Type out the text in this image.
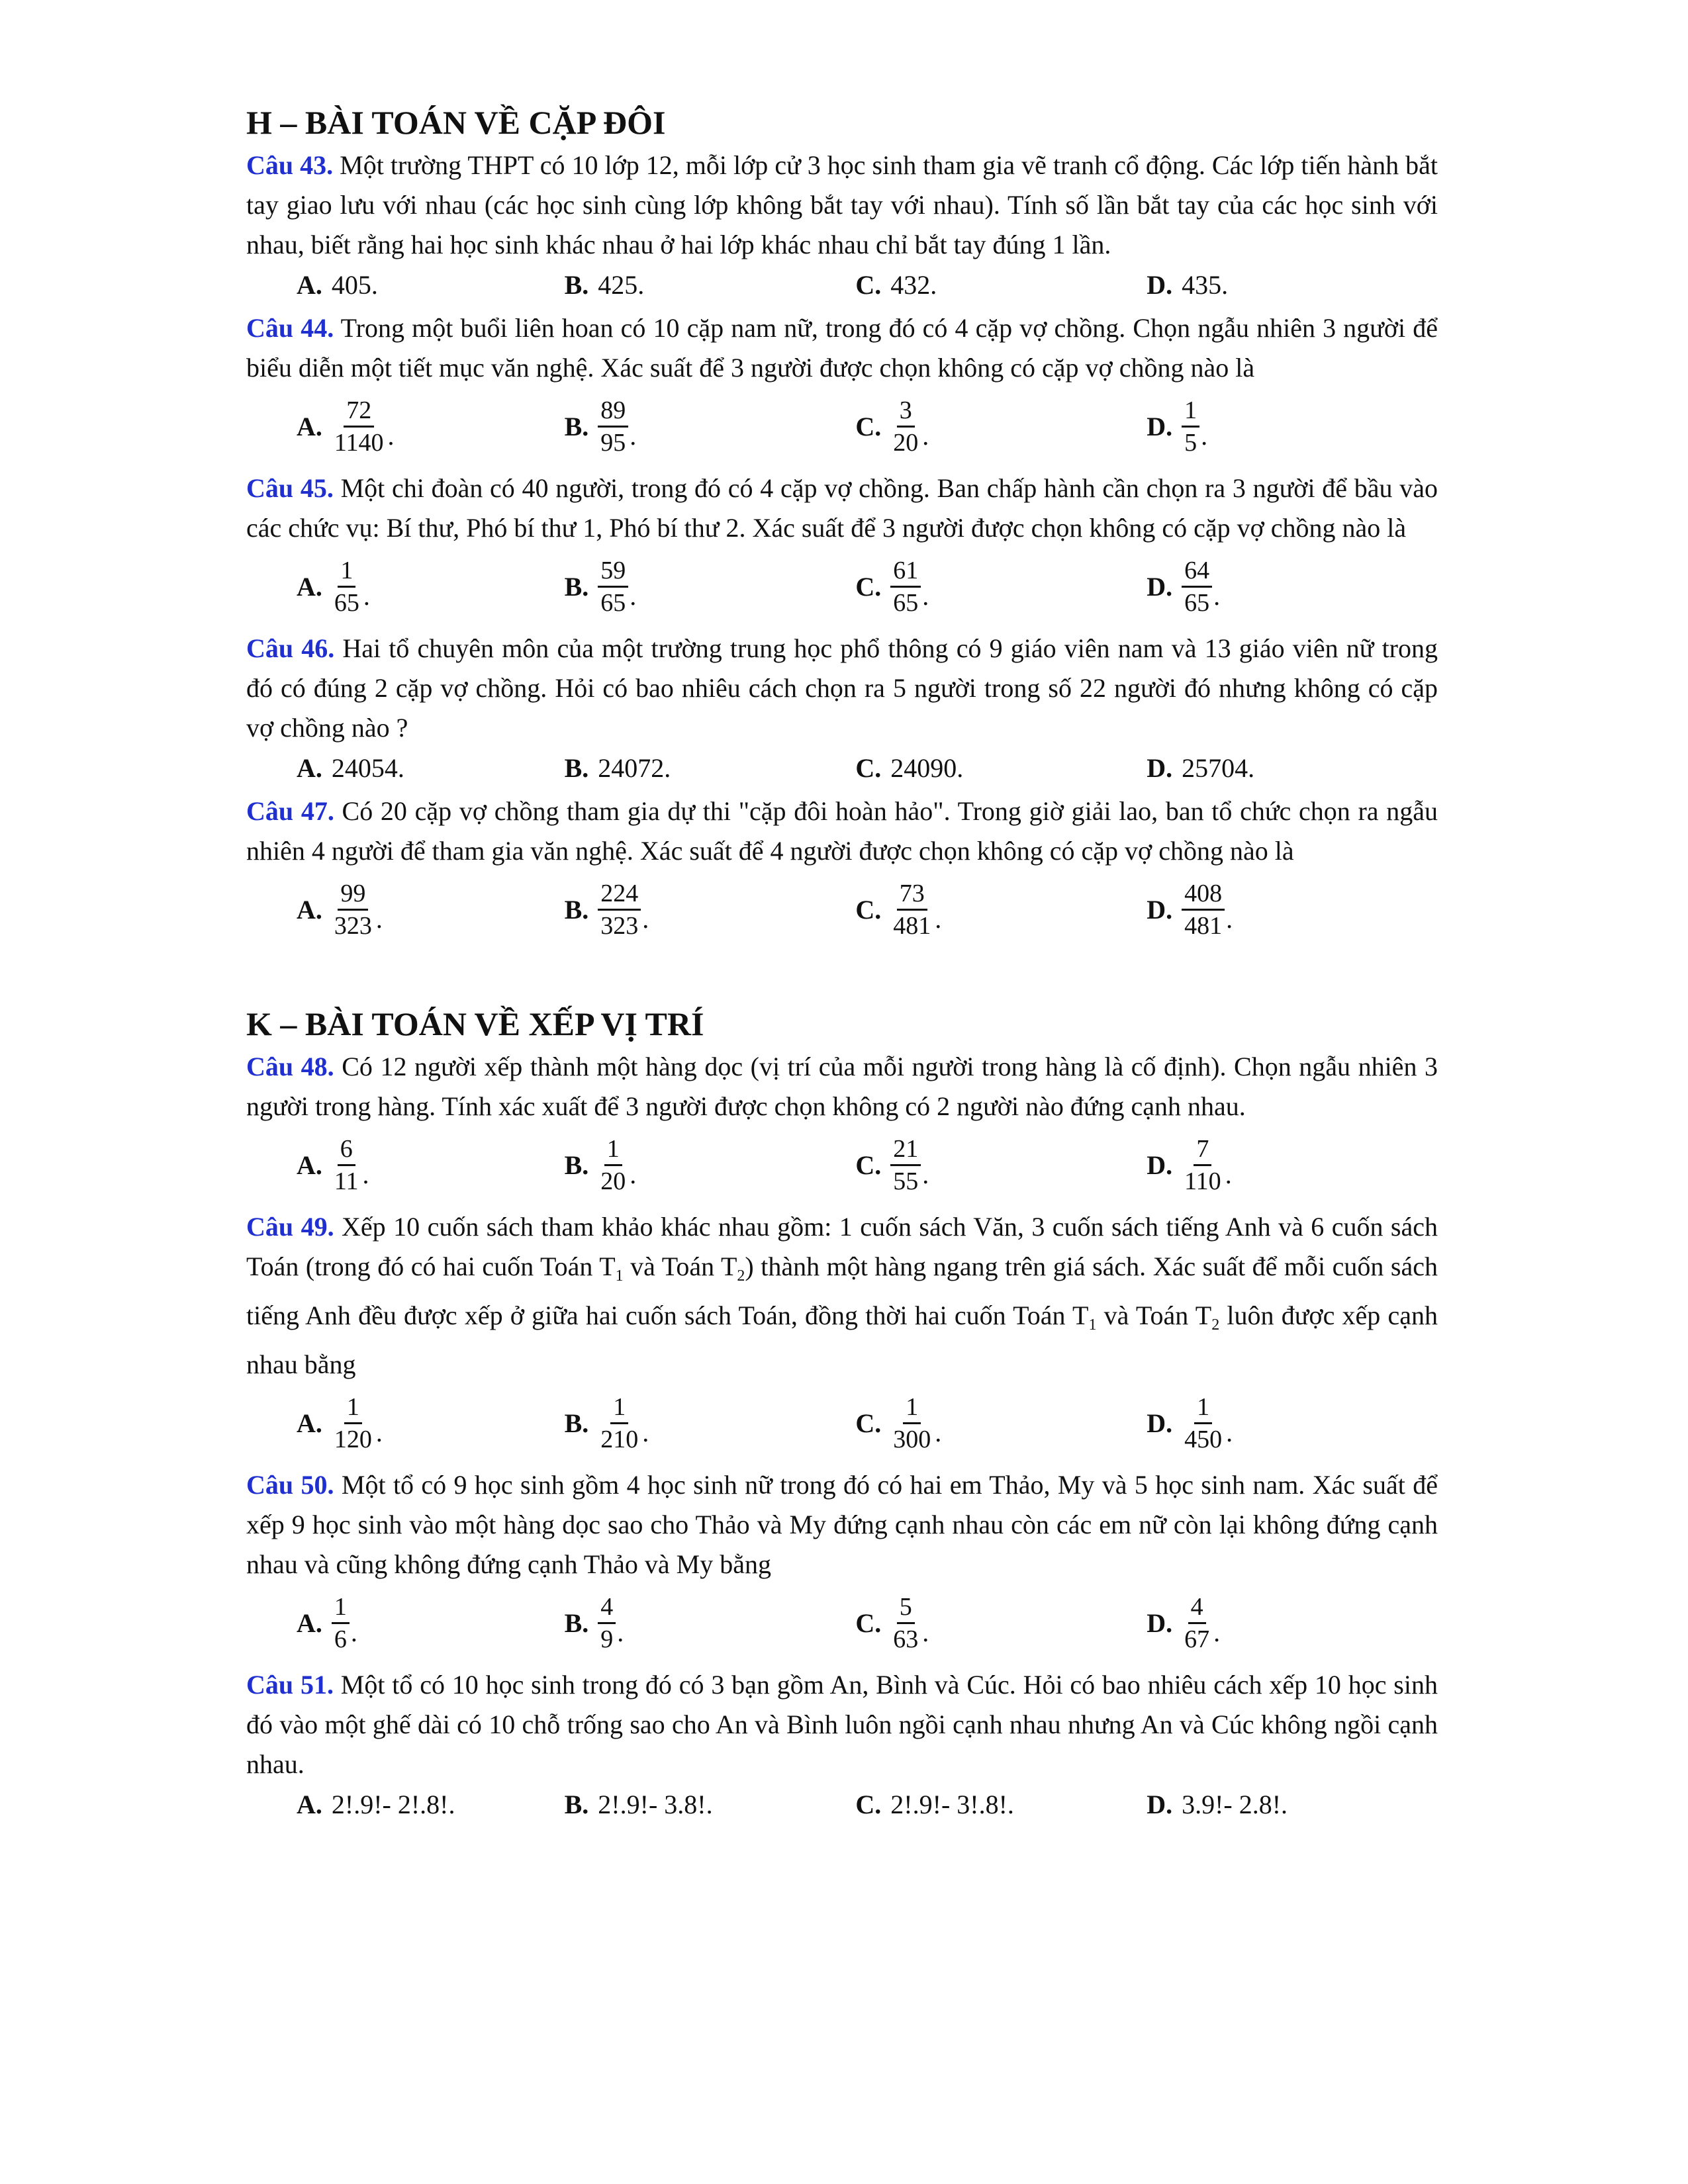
H – BÀI TOÁN VỀ CẶP ĐÔI

Câu 43. Một trường THPT có 10 lớp 12, mỗi lớp cử 3 học sinh tham gia vẽ tranh cổ động. Các lớp tiến hành bắt tay giao lưu với nhau (các học sinh cùng lớp không bắt tay với nhau). Tính số lần bắt tay của các học sinh với nhau, biết rằng hai học sinh khác nhau ở hai lớp khác nhau chỉ bắt tay đúng 1 lần.

A. 405.	B. 425.	C. 432.	D. 435.

Câu 44. Trong một buổi liên hoan có 10 cặp nam nữ, trong đó có 4 cặp vợ chồng. Chọn ngẫu nhiên 3 người để biểu diễn một tiết mục văn nghệ. Xác suất để 3 người được chọn không có cặp vợ chồng nào là

A. $\frac{72}{1140}$ .	B. $\frac{89}{95}$ .	C. $\frac{3}{20}$ .	D. $\frac{1}{5}$ .

Câu 45. Một chi đoàn có 40 người, trong đó có 4 cặp vợ chồng. Ban chấp hành cần chọn ra 3 người để bầu vào các chức vụ: Bí thư, Phó bí thư 1, Phó bí thư 2. Xác suất để 3 người được chọn không có cặp vợ chồng nào là

A. $\frac{1}{65}$ .	B. $\frac{59}{65}$ .	C. $\frac{61}{65}$ .	D. $\frac{64}{65}$ .

Câu 46. Hai tổ chuyên môn của một trường trung học phổ thông có 9 giáo viên nam và 13 giáo viên nữ trong đó có đúng 2 cặp vợ chồng. Hỏi có bao nhiêu cách chọn ra 5 người trong số 22 người đó nhưng không có cặp vợ chồng nào ?

A. 24054.	B. 24072.	C. 24090.	D. 25704.

Câu 47. Có 20 cặp vợ chồng tham gia dự thi "cặp đôi hoàn hảo". Trong giờ giải lao, ban tổ chức chọn ra ngẫu nhiên 4 người để tham gia văn nghệ. Xác suất để 4 người được chọn không có cặp vợ chồng nào là

A. $\frac{99}{323}$ .	B. $\frac{224}{323}$ .	C. $\frac{73}{481}$ .	D. $\frac{408}{481}$ .
K – BÀI TOÁN VỀ XẾP VỊ TRÍ

Câu 48. Có 12 người xếp thành một hàng dọc (vị trí của mỗi người trong hàng là cố định). Chọn ngẫu nhiên 3 người trong hàng. Tính xác xuất để 3 người được chọn không có 2 người nào đứng cạnh nhau.

A. $\frac{6}{11}$ .	B. $\frac{1}{20}$ .	C. $\frac{21}{55}$ .	D. $\frac{7}{110}$ .

Câu 49. Xếp 10 cuốn sách tham khảo khác nhau gồm: 1 cuốn sách Văn, 3 cuốn sách tiếng Anh và 6 cuốn sách Toán (trong đó có hai cuốn Toán $T_1$ và Toán $T_2$) thành một hàng ngang trên giá sách. Xác suất để mỗi cuốn sách tiếng Anh đều được xếp ở giữa hai cuốn sách Toán, đồng thời hai cuốn Toán $T_1$ và Toán $T_2$ luôn được xếp cạnh nhau bằng

A. $\frac{1}{120}$ .	B. $\frac{1}{210}$ .	C. $\frac{1}{300}$ .	D. $\frac{1}{450}$ .

Câu 50. Một tổ có 9 học sinh gồm 4 học sinh nữ trong đó có hai em Thảo, My và 5 học sinh nam. Xác suất để xếp 9 học sinh vào một hàng dọc sao cho Thảo và My đứng cạnh nhau còn các em nữ còn lại không đứng cạnh nhau và cũng không đứng cạnh Thảo và My bằng

A. $\frac{1}{6}$ .	B. $\frac{4}{9}$ .	C. $\frac{5}{63}$ .	D. $\frac{4}{67}$ .

Câu 51. Một tổ có 10 học sinh trong đó có 3 bạn gồm An, Bình và Cúc. Hỏi có bao nhiêu cách xếp 10 học sinh đó vào một ghế dài có 10 chỗ trống sao cho An và Bình luôn ngồi cạnh nhau nhưng An và Cúc không ngồi cạnh nhau.

A. 2!.9!- 2!.8!.	B. 2!.9!- 3.8!.	C. 2!.9!- 3!.8!.	D. 3.9!- 2.8!.
